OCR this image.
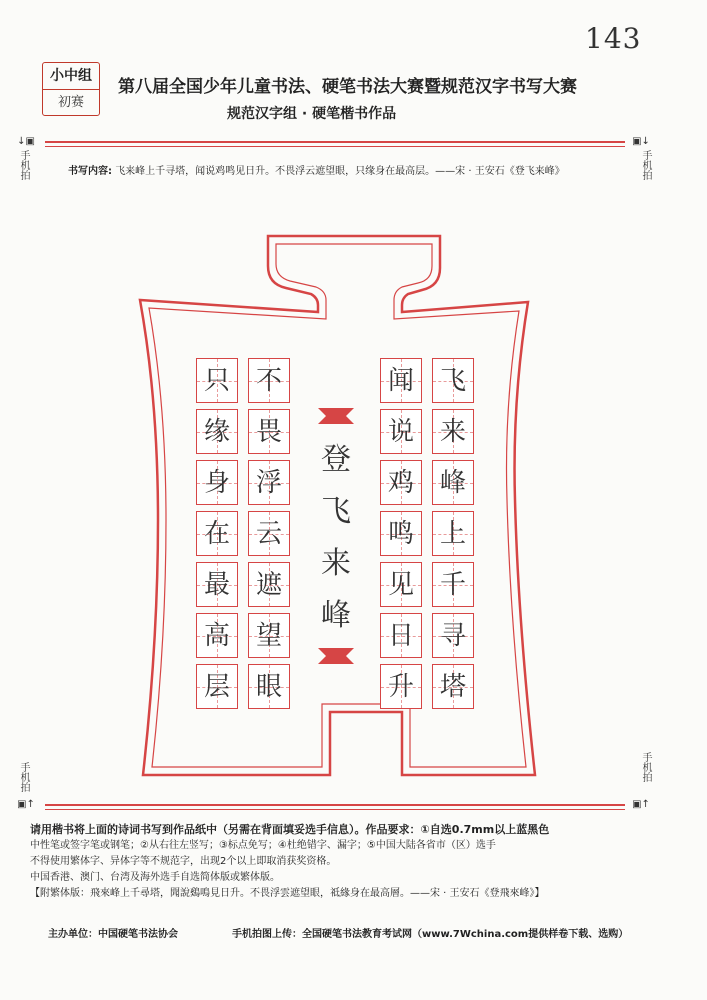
143
小中组
初赛
第八届全国少年儿童书法、硬笔书法大赛暨规范汉字书写大赛
规范汉字组 · 硬笔楷书作品
↓▣
手机拍
▣↓
手机拍
书写内容: 飞来峰上千寻塔，闻说鸡鸣见日升。不畏浮云遮望眼，只缘身在最高层。——宋 · 王安石《登飞来峰》
登
飞
来
峰
飞
来
峰
上
千
寻
塔
闻
说
鸡
鸣
见
日
升
不
畏
浮
云
遮
望
眼
只
缘
身
在
最
高
层
手机拍
▣↑
手机拍
▣↑
请用楷书将上面的诗词书写到作品纸中（另需在背面填妥选手信息）。作品要求：①自选0.7mm以上蓝黑色
中性笔或签字笔或钢笔；②从右往左竖写；③标点免写；④杜绝错字、漏字；⑤中国大陆各省市（区）选手
不得使用繁体字、异体字等不规范字，出现2个以上即取消获奖资格。
中国香港、澳门、台湾及海外选手自选简体版或繁体版。
【附繁体版：飛來峰上千尋塔，聞說鷄鳴見日升。不畏浮雲遮望眼，祗緣身在最高層。——宋 · 王安石《登飛來峰》】
主办单位：中国硬笔书法协会	手机拍图上传：全国硬笔书法教育考试网（www.7Wchina.com提供样卷下载、选购）
